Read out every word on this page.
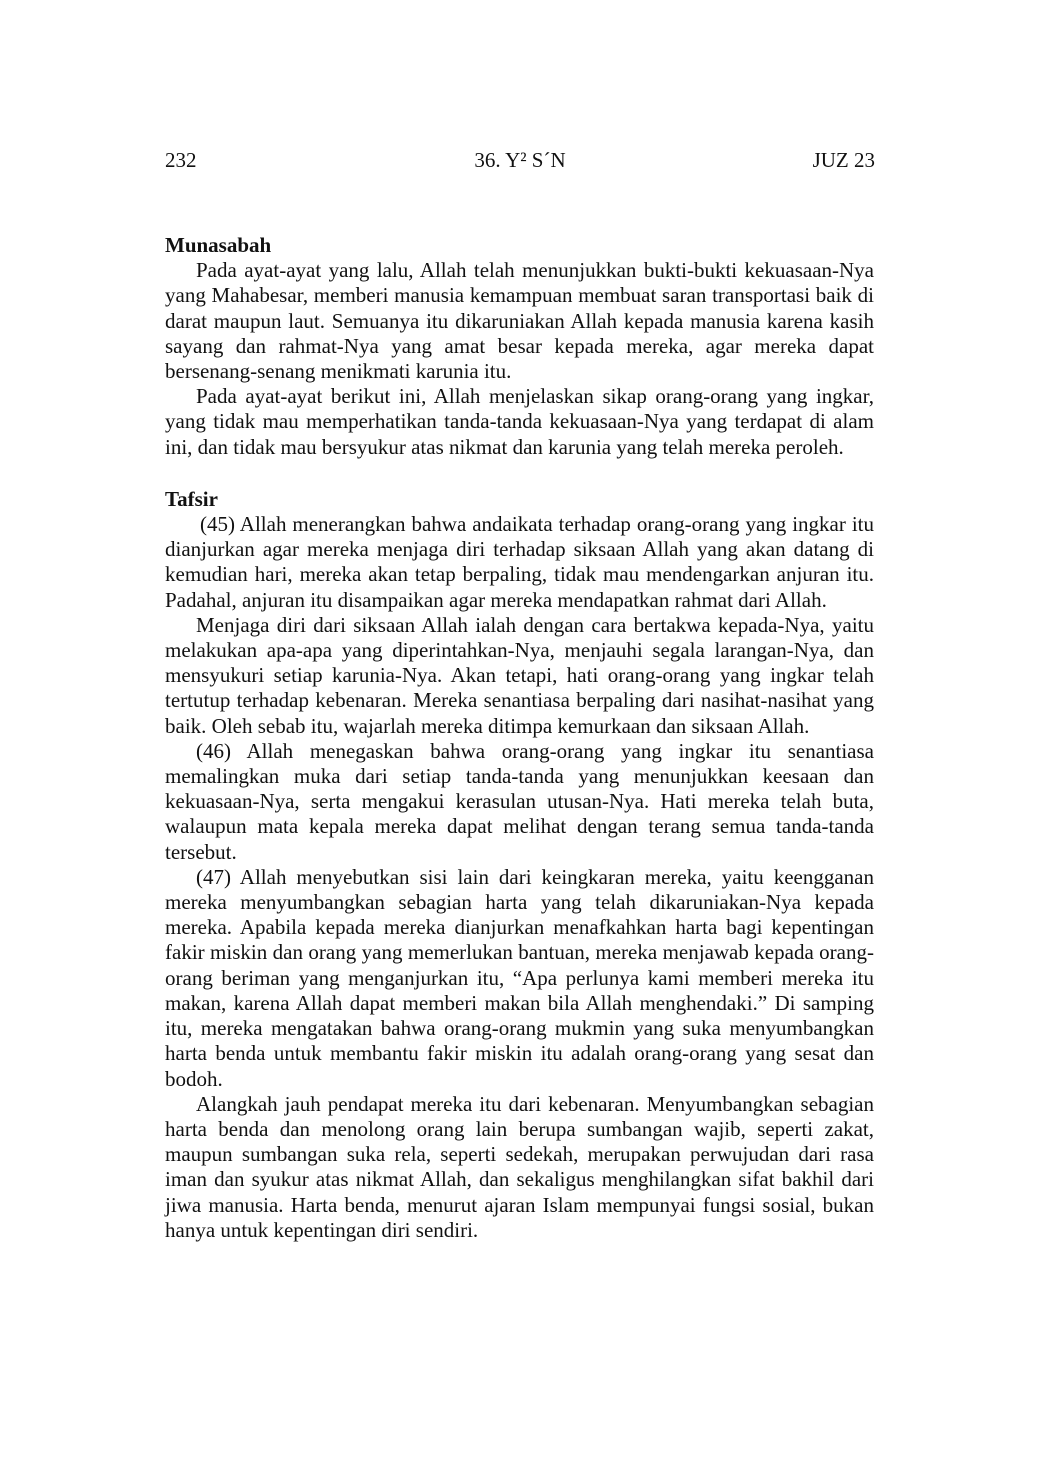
232	36. Y² S´N	JUZ 23

Munasabah

Pada ayat-ayat yang lalu, Allah telah menunjukkan bukti-bukti kekuasaan-Nya yang Mahabesar, memberi manusia kemampuan membuat saran transportasi baik di darat maupun laut. Semuanya itu dikaruniakan Allah kepada manusia karena kasih sayang dan rahmat-Nya yang amat besar kepada mereka, agar mereka dapat bersenang-senang menikmati karunia itu.

Pada ayat-ayat berikut ini, Allah menjelaskan sikap orang-orang yang ingkar, yang tidak mau memperhatikan tanda-tanda kekuasaan-Nya yang terdapat di alam ini, dan tidak mau bersyukur atas nikmat dan karunia yang telah mereka peroleh.

Tafsir

(45) Allah menerangkan bahwa andaikata terhadap orang-orang yang ingkar itu dianjurkan agar mereka menjaga diri terhadap siksaan Allah yang akan datang di kemudian hari, mereka akan tetap berpaling, tidak mau mendengarkan anjuran itu. Padahal, anjuran itu disampaikan agar mereka mendapatkan rahmat dari Allah.

Menjaga diri dari siksaan Allah ialah dengan cara bertakwa kepada-Nya, yaitu melakukan apa-apa yang diperintahkan-Nya, menjauhi segala larangan-Nya, dan mensyukuri setiap karunia-Nya. Akan tetapi, hati orang-orang yang ingkar telah tertutup terhadap kebenaran. Mereka senantiasa berpaling dari nasihat-nasihat yang baik. Oleh sebab itu, wajarlah mereka ditimpa kemurkaan dan siksaan Allah.

(46) Allah menegaskan bahwa orang-orang yang ingkar itu senantiasa memalingkan muka dari setiap tanda-tanda yang menunjukkan keesaan dan kekuasaan-Nya, serta mengakui kerasulan utusan-Nya. Hati mereka telah buta, walaupun mata kepala mereka dapat melihat dengan terang semua tanda-tanda tersebut.

(47) Allah menyebutkan sisi lain dari keingkaran mereka, yaitu keengganan mereka menyumbangkan sebagian harta yang telah dikaruniakan-Nya kepada mereka. Apabila kepada mereka dianjurkan menafkahkan harta bagi kepentingan fakir miskin dan orang yang memerlukan bantuan, mereka menjawab kepada orang-orang beriman yang menganjurkan itu, “Apa perlunya kami memberi mereka itu makan, karena Allah dapat memberi makan bila Allah menghendaki.” Di samping itu, mereka mengatakan bahwa orang-orang mukmin yang suka menyumbangkan harta benda untuk membantu fakir miskin itu adalah orang-orang yang sesat dan bodoh.

Alangkah jauh pendapat mereka itu dari kebenaran. Menyumbangkan sebagian harta benda dan menolong orang lain berupa sumbangan wajib, seperti zakat, maupun sumbangan suka rela, seperti sedekah, merupakan perwujudan dari rasa iman dan syukur atas nikmat Allah, dan sekaligus menghilangkan sifat bakhil dari jiwa manusia. Harta benda, menurut ajaran Islam mempunyai fungsi sosial, bukan hanya untuk kepentingan diri sendiri.
